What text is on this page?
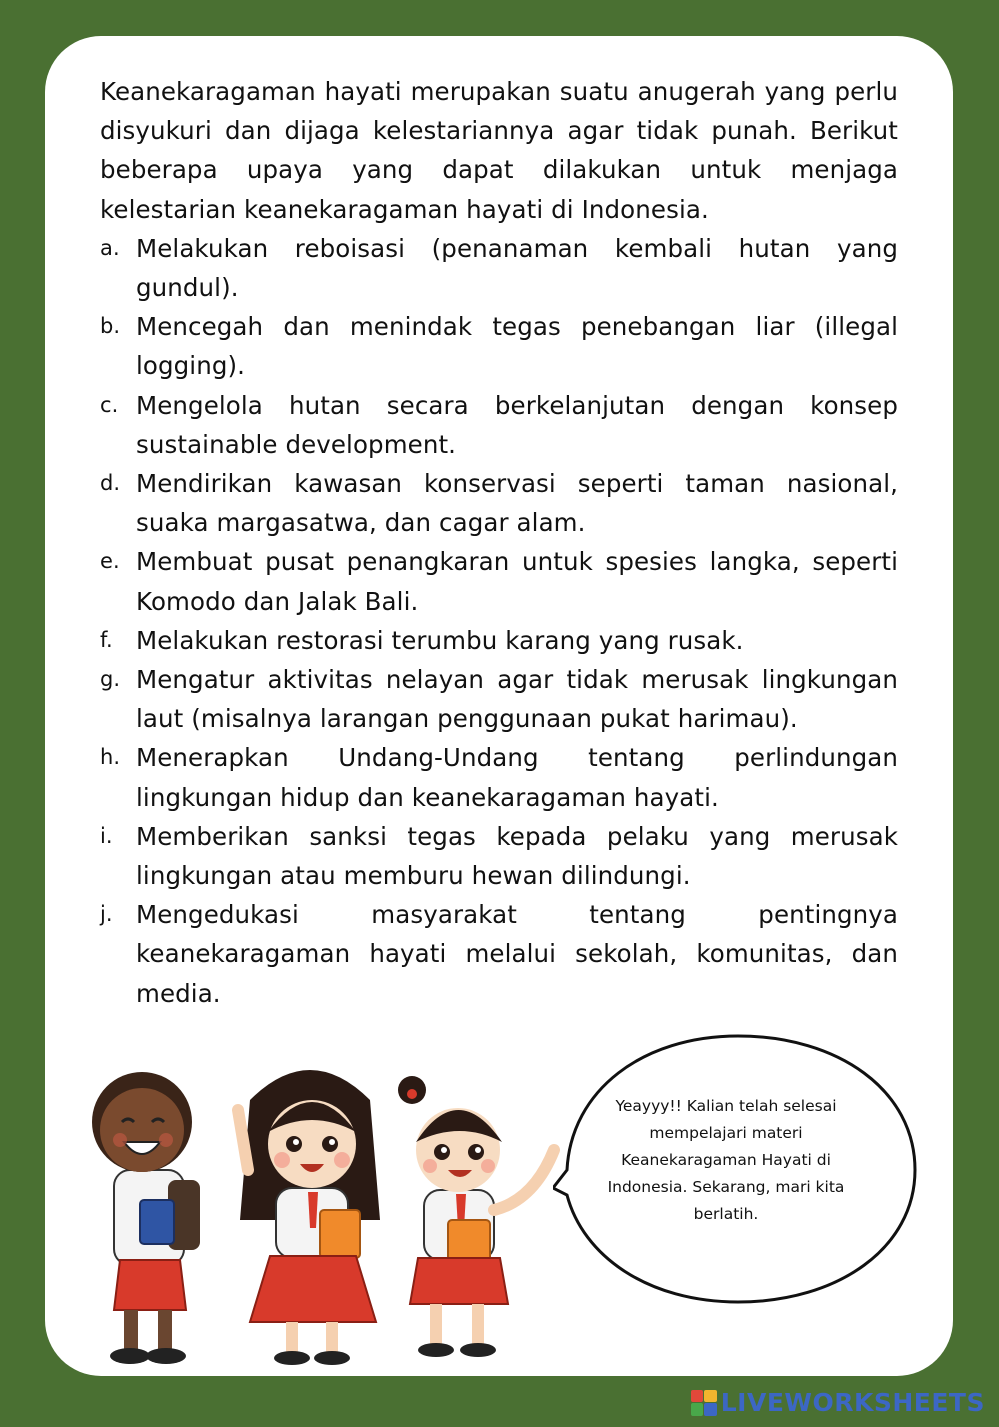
Keanekaragaman hayati merupakan suatu anugerah yang perlu disyukuri dan dijaga kelestariannya agar tidak punah. Berikut beberapa upaya yang dapat dilakukan untuk menjaga kelestarian keanekaragaman hayati di Indonesia.

a. Melakukan reboisasi (penanaman kembali hutan yang gundul).
b. Mencegah dan menindak tegas penebangan liar (illegal logging).
c. Mengelola hutan secara berkelanjutan dengan konsep sustainable development.
d. Mendirikan kawasan konservasi seperti taman nasional, suaka margasatwa, dan cagar alam.
e. Membuat pusat penangkaran untuk spesies langka, seperti Komodo dan Jalak Bali.
f. Melakukan restorasi terumbu karang yang rusak.
g. Mengatur aktivitas nelayan agar tidak merusak lingkungan laut (misalnya larangan penggunaan pukat harimau).
h. Menerapkan Undang-Undang tentang perlindungan lingkungan hidup dan keanekaragaman hayati.
i. Memberikan sanksi tegas kepada pelaku yang merusak lingkungan atau memburu hewan dilindungi.
j. Mengedukasi masyarakat tentang pentingnya keanekaragaman hayati melalui sekolah, komunitas, dan media.
Yeayyy!! Kalian telah selesai mempelajari materi Keanekaragaman Hayati di Indonesia. Sekarang, mari kita berlatih.
LIVEWORKSHEETS
